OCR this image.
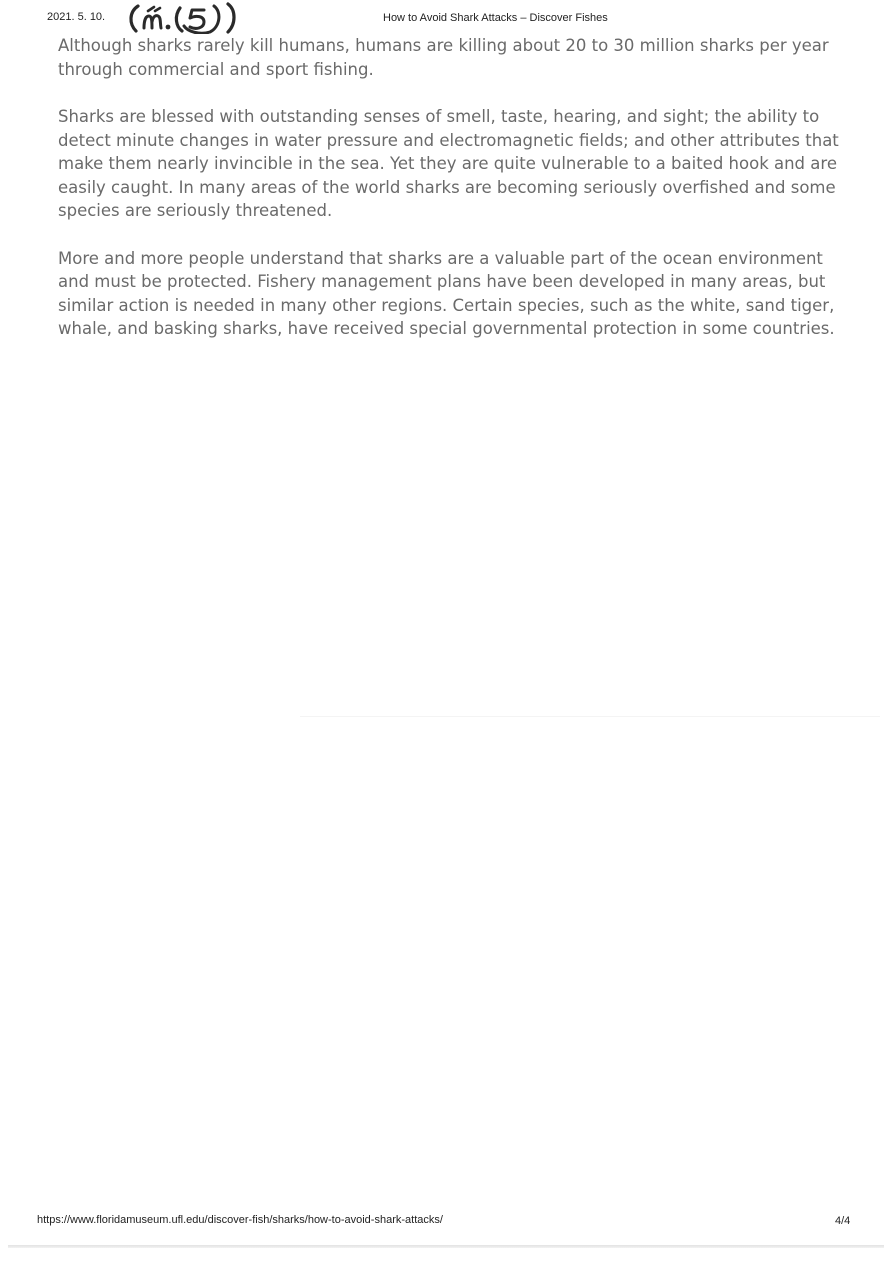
2021. 5. 10.	How to Avoid Shark Attacks – Discover Fishes

Although sharks rarely kill humans, humans are killing about 20 to 30 million sharks per year through commercial and sport fishing.

Sharks are blessed with outstanding senses of smell, taste, hearing, and sight; the ability to detect minute changes in water pressure and electromagnetic fields; and other attributes that make them nearly invincible in the sea. Yet they are quite vulnerable to a baited hook and are easily caught. In many areas of the world sharks are becoming seriously overfished and some species are seriously threatened.

More and more people understand that sharks are a valuable part of the ocean environment and must be protected. Fishery management plans have been developed in many areas, but similar action is needed in many other regions. Certain species, such as the white, sand tiger, whale, and basking sharks, have received special governmental protection in some countries.

https://www.floridamuseum.ufl.edu/discover-fish/sharks/how-to-avoid-shark-attacks/	4/4
